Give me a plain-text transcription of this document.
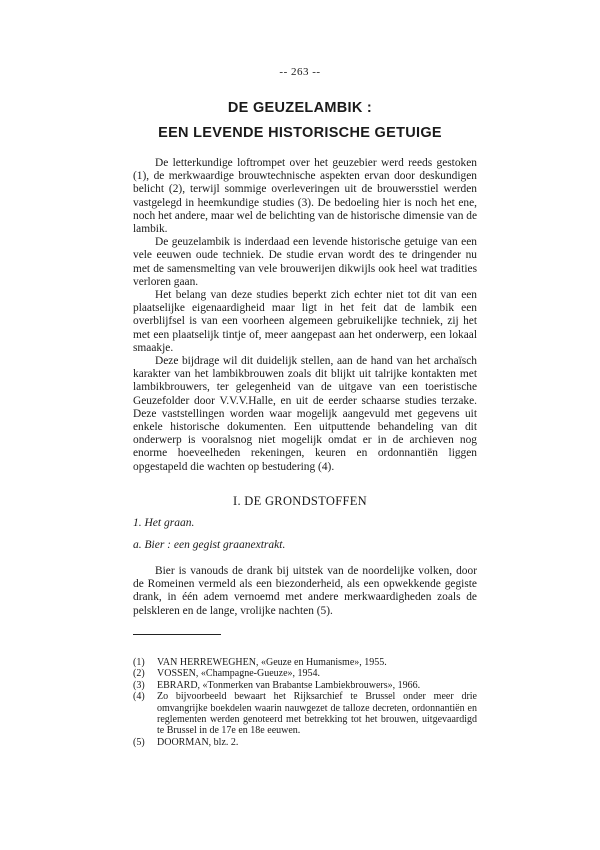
-- 263 --
DE GEUZELAMBIK :
EEN LEVENDE HISTORISCHE GETUIGE

De letterkundige loftrompet over het geuzebier werd reeds gestoken (1), de merkwaardige brouwtechnische aspekten ervan door deskundigen belicht (2), terwijl sommige overleveringen uit de brouwersstiel werden vastgelegd in heemkundige studies (3). De bedoeling hier is noch het ene, noch het andere, maar wel de belichting van de historische dimensie van de lambik.

De geuzelambik is inderdaad een levende historische getuige van een vele eeuwen oude techniek. De studie ervan wordt des te dringender nu met de samensmelting van vele brouwerijen dikwijls ook heel wat tradities verloren gaan.

Het belang van deze studies beperkt zich echter niet tot dit van een plaatselijke eigenaardigheid maar ligt in het feit dat de lambik een overblijfsel is van een voorheen algemeen gebruikelijke techniek, zij het met een plaatselijk tintje of, meer aangepast aan het onderwerp, een lokaal smaakje.

Deze bijdrage wil dit duidelijk stellen, aan de hand van het archaïsch karakter van het lambikbrouwen zoals dit blijkt uit talrijke kontakten met lambikbrouwers, ter gelegenheid van de uitgave van een toeristische Geuzefolder door V.V.V.Halle, en uit de eerder schaarse studies terzake. Deze vaststellingen worden waar mogelijk aangevuld met gegevens uit enkele historische dokumenten. Een uitputtende behandeling van dit onderwerp is vooralsnog niet mogelijk omdat er in de archieven nog enorme hoeveelheden rekeningen, keuren en ordonnantiën liggen opgestapeld die wachten op bestudering (4).

I. DE GRONDSTOFFEN
1. Het graan.
a. Bier : een gegist graanextrakt.

Bier is vanouds de drank bij uitstek van de noordelijke volken, door de Romeinen vermeld als een biezonderheid, als een opwekkende gegiste drank, in één adem vernoemd met andere merkwaardigheden zoals de pelskleren en de lange, vrolijke nachten (5).

(1)	VAN HERREWEGHEN, «Geuze en Humanisme», 1955.
(2)	VOSSEN, «Champagne-Gueuze», 1954.
(3)	EBRARD, «Tonmerken van Brabantse Lambiekbrouwers», 1966.
(4)	Zo bijvoorbeeld bewaart het Rijksarchief te Brussel onder meer drie omvangrijke boekdelen waarin nauwgezet de talloze decreten, ordonnantiën en reglementen werden genoteerd met betrekking tot het brouwen, uitgevaardigd te Brussel in de 17e en 18e eeuwen.
(5)	DOORMAN, blz. 2.
